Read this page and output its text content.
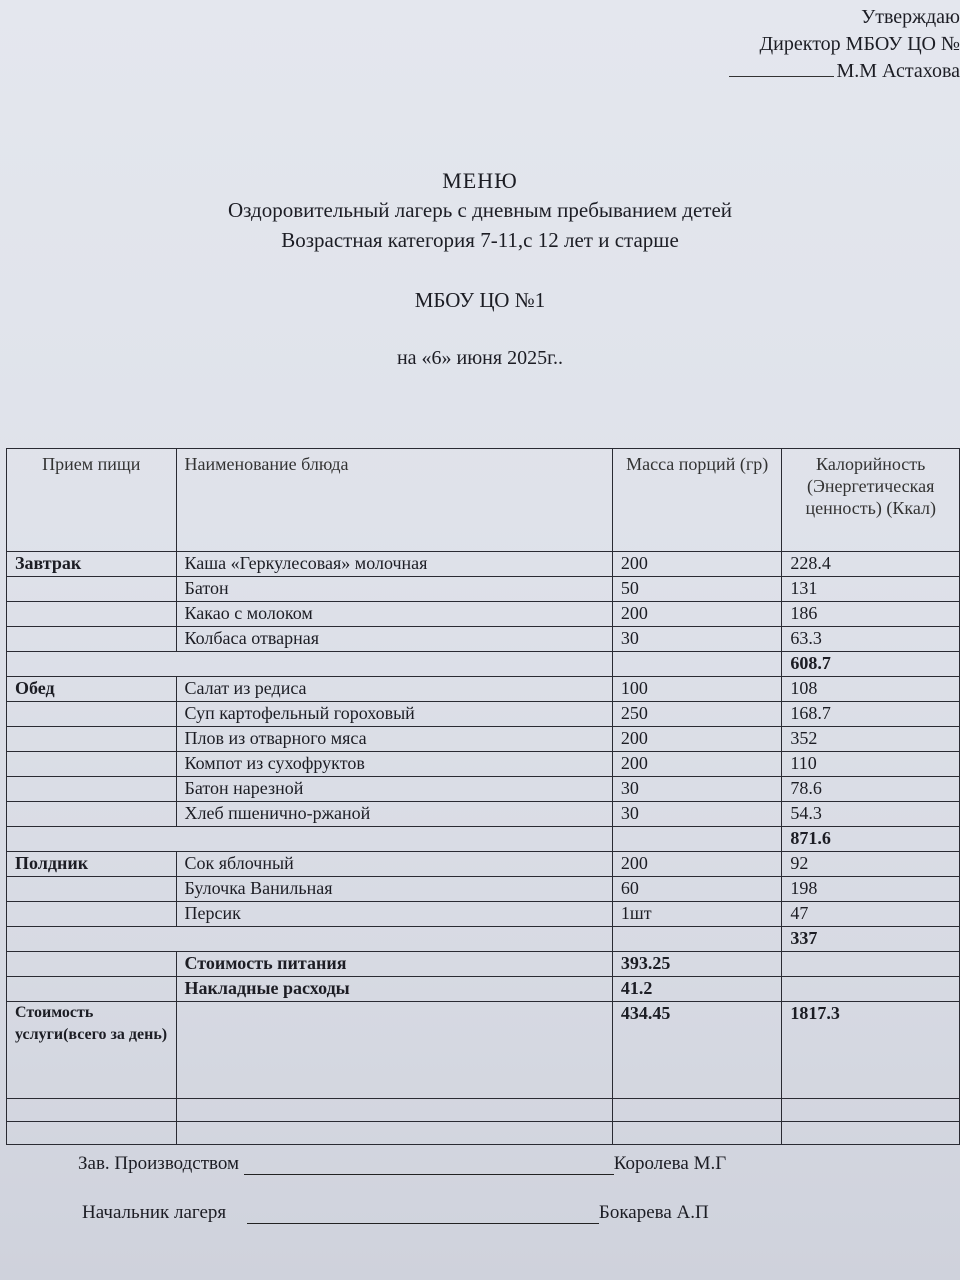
Утверждаю
Директор МБОУ ЦО №
М.М Астахова
МЕНЮ
Оздоровительный лагерь с дневным пребыванием детей
Возрастная категория 7-11,с 12 лет и старше
МБОУ ЦО №1
на «6» июня 2025г..
Прием пищи	Наименование блюда	Масса порций (гр)	Калорийность (Энергетическая ценность) (Ккал)
Завтрак	Каша «Геркулесовая» молочная	200	228.4
	Батон	50	131
	Какао с молоком	200	186
	Колбаса отварная	30	63.3
			608.7
Обед	Салат из редиса	100	108
	Суп картофельный гороховый	250	168.7
	Плов из отварного мяса	200	352
	Компот из сухофруктов	200	110
	Батон нарезной	30	78.6
	Хлеб пшенично-ржаной	30	54.3
			871.6
Полдник	Сок яблочный	200	92
	Булочка Ванильная	60	198
	Персик	1шт	47
			337
	Стоимость питания	393.25	
	Накладные расходы	41.2	
Стоимость услуги(всего за день)		434.45	1817.3

Зав. Производством	Королева М.Г
Начальник лагеря	Бокарева А.П
